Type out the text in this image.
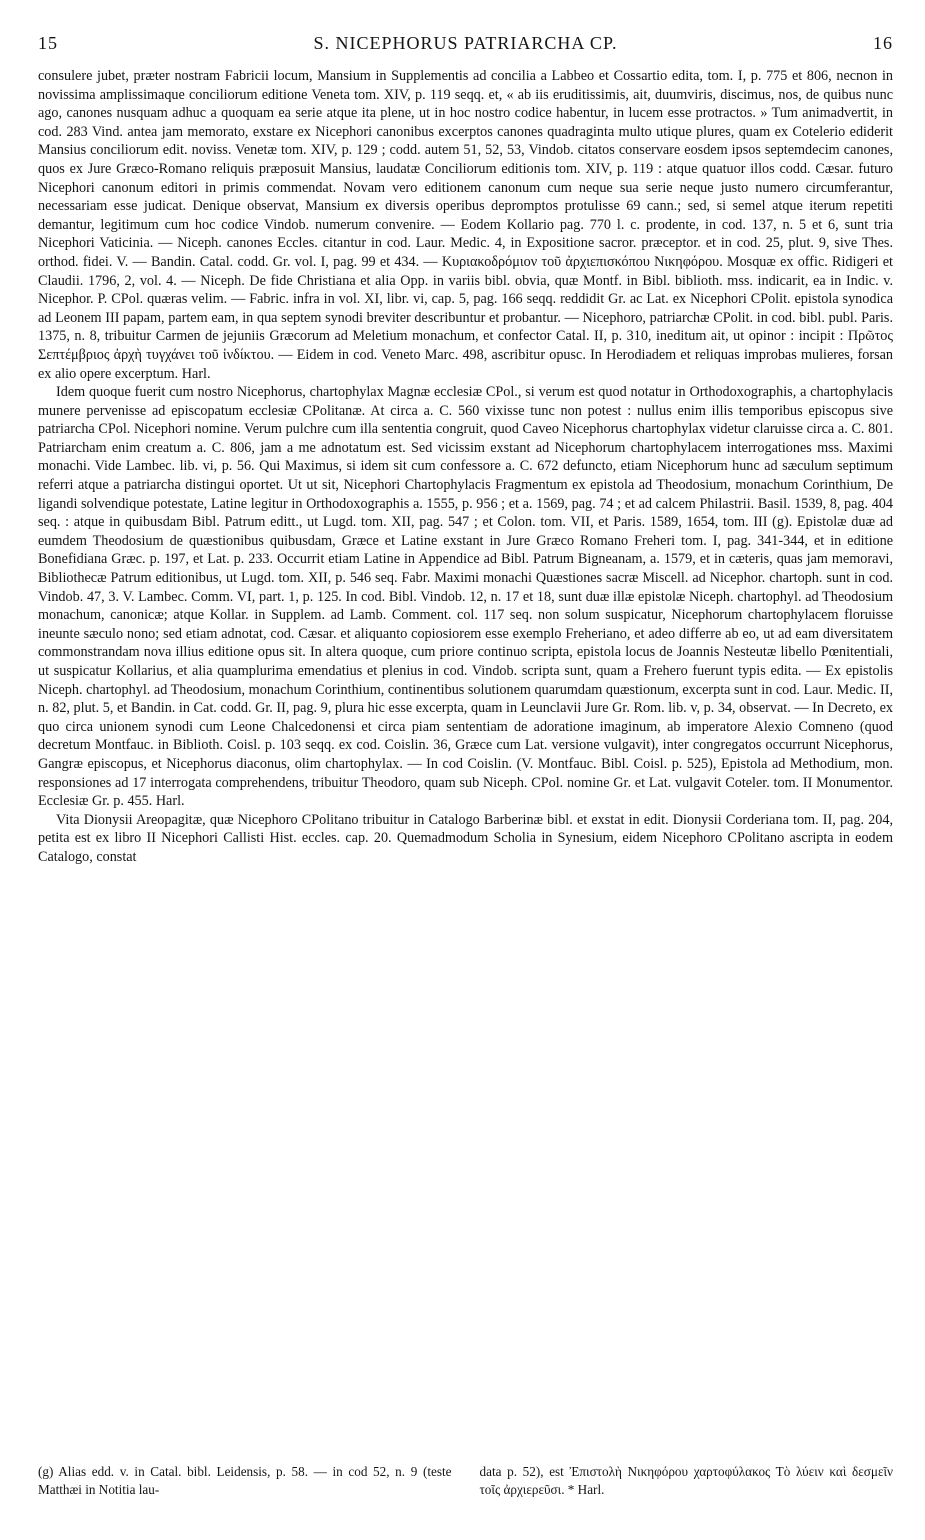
15	S. NICEPHORUS PATRIARCHA CP.	16

consulere jubet, præter nostram Fabricii locum, Mansium in Supplementis ad concilia a Labbeo et Cossartio edita, tom. I, p. 775 et 806, necnon in novissima amplissimaque conciliorum editione Veneta tom. XIV, p. 119 seqq. et, « ab iis eruditissimis, ait, duumviris, discimus, nos, de quibus nunc ago, canones nusquam adhuc a quoquam ea serie atque ita plene, ut in hoc nostro codice habentur, in lucem esse protractos. » Tum animadvertit, in cod. 283 Vind. antea jam memorato, exstare ex Nicephori canonibus excerptos canones quadraginta multo utique plures, quam ex Cotelerio ediderit Mansius conciliorum edit. noviss. Venetæ tom. XIV, p. 129 ; codd. autem 51, 52, 53, Vindob. citatos conservare eosdem ipsos septemdecim canones, quos ex Jure Græco-Romano reliquis præposuit Mansius, laudatæ Conciliorum editionis tom. XIV, p. 119 : atque quatuor illos codd. Cæsar. futuro Nicephori canonum editori in primis commendat. Novam vero editionem canonum cum neque sua serie neque justo numero circumferantur, necessariam esse judicat. Denique observat, Mansium ex diversis operibus depromptos protulisse 69 cann.; sed, si semel atque iterum repetiti demantur, legitimum cum hoc codice Vindob. numerum convenire. — Eodem Kollario pag. 770 l. c. prodente, in cod. 137, n. 5 et 6, sunt tria Nicephori Vaticinia. — Niceph. canones Eccles. citantur in cod. Laur. Medic. 4, in Expositione sacror. præceptor. et in cod. 25, plut. 9, sive Thes. orthod. fidei. V. — Bandin. Catal. codd. Gr. vol. I, pag. 99 et 434. — Κυριακοδρόμιον τοῦ ἀρχιεπισκόπου Νικηφόρου. Mosquæ ex offic. Ridigeri et Claudii. 1796, 2, vol. 4. — Niceph. De fide Christiana et alia Opp. in variis bibl. obvia, quæ Montf. in Bibl. biblioth. mss. indicarit, ea in Indic. v. Nicephor. P. CPol. quæras velim. — Fabric. infra in vol. XI, libr. vi, cap. 5, pag. 166 seqq. reddidit Gr. ac Lat. ex Nicephori CPolit. epistola synodica ad Leonem III papam, partem eam, in qua septem synodi breviter describuntur et probantur. — Nicephoro, patriarchæ CPolit. in cod. bibl. publ. Paris. 1375, n. 8, tribuitur Carmen de jejuniis Græcorum ad Meletium monachum, et confector Catal. II, p. 310, ineditum ait, ut opinor : incipit : Πρῶτος Σεπτέμβριος ἀρχὴ τυγχάνει τοῦ ἰνδίκτου. — Eidem in cod. Veneto Marc. 498, ascribitur opusc. In Herodiadem et reliquas improbas mulieres, forsan ex alio opere excerptum. Harl.

Idem quoque fuerit cum nostro Nicephorus, chartophylax Magnæ ecclesiæ CPol., si verum est quod notatur in Orthodoxographis, a chartophylacis munere pervenisse ad episcopatum ecclesiæ CPolitanæ. At circa a. C. 560 vixisse tunc non potest : nullus enim illis temporibus episcopus sive patriarcha CPol. Nicephori nomine. Verum pulchre cum illa sententia congruit, quod Caveo Nicephorus chartophylax videtur claruisse circa a. C. 801. Patriarcham enim creatum a. C. 806, jam a me adnotatum est. Sed vicissim exstant ad Nicephorum chartophylacem interrogationes mss. Maximi monachi. Vide Lambec. lib. vi, p. 56. Qui Maximus, si idem sit cum confessore a. C. 672 defuncto, etiam Nicephorum hunc ad sæculum septimum referri atque a patriarcha distingui oportet. Ut ut sit, Nicephori Chartophylacis Fragmentum ex epistola ad Theodosium, monachum Corinthium, De ligandi solvendique potestate, Latine legitur in Orthodoxographis a. 1555, p. 956 ; et a. 1569, pag. 74 ; et ad calcem Philastrii. Basil. 1539, 8, pag. 404 seq. : atque in quibusdam Bibl. Patrum editt., ut Lugd. tom. XII, pag. 547 ; et Colon. tom. VII, et Paris. 1589, 1654, tom. III (g). Epistolæ duæ ad eumdem Theodosium de quæstionibus quibusdam, Græce et Latine exstant in Jure Græco Romano Freheri tom. I, pag. 341-344, et in editione Bonefidiana Græc. p. 197, et Lat. p. 233. Occurrit etiam Latine in Appendice ad Bibl. Patrum Bigneanam, a. 1579, et in cæteris, quas jam memoravi, Bibliothecæ Patrum editionibus, ut Lugd. tom. XII, p. 546 seq. Fabr. Maximi monachi Quæstiones sacræ Miscell. ad Nicephor. chartoph. sunt in cod. Vindob. 47, 3. V. Lambec. Comm. VI, part. 1, p. 125. In cod. Bibl. Vindob. 12, n. 17 et 18, sunt duæ illæ epistolæ Niceph. chartophyl. ad Theodosium monachum, canonicæ; atque Kollar. in Supplem. ad Lamb. Comment. col. 117 seq. non solum suspicatur, Nicephorum chartophylacem floruisse ineunte sæculo nono; sed etiam adnotat, cod. Cæsar. et aliquanto copiosiorem esse exemplo Freheriano, et adeo differre ab eo, ut ad eam diversitatem commonstrandam nova illius editione opus sit. In altera quoque, cum priore continuo scripta, epistola locus de Joannis Nesteutæ libello Pœnitentiali, ut suspicatur Kollarius, et alia quamplurima emendatius et plenius in cod. Vindob. scripta sunt, quam a Frehero fuerunt typis edita. — Ex epistolis Niceph. chartophyl. ad Theodosium, monachum Corinthium, continentibus solutionem quarumdam quæstionum, excerpta sunt in cod. Laur. Medic. II, n. 82, plut. 5, et Bandin. in Cat. codd. Gr. II, pag. 9, plura hic esse excerpta, quam in Leunclavii Jure Gr. Rom. lib. v, p. 34, observat. — In Decreto, ex quo circa unionem synodi cum Leone Chalcedonensi et circa piam sententiam de adoratione imaginum, ab imperatore Alexio Comneno (quod decretum Montfauc. in Biblioth. Coisl. p. 103 seqq. ex cod. Coislin. 36, Græce cum Lat. versione vulgavit), inter congregatos occurrunt Nicephorus, Gangræ episcopus, et Nicephorus diaconus, olim chartophylax. — In cod Coislin. (V. Montfauc. Bibl. Coisl. p. 525), Epistola ad Methodium, mon. responsiones ad 17 interrogata comprehendens, tribuitur Theodoro, quam sub Niceph. CPol. nomine Gr. et Lat. vulgavit Coteler. tom. II Monumentor. Ecclesiæ Gr. p. 455. Harl.

Vita Dionysii Areopagitæ, quæ Nicephoro CPolitano tribuitur in Catalogo Barberinæ bibl. et exstat in edit. Dionysii Corderiana tom. II, pag. 204, petita est ex libro II Nicephori Callisti Hist. eccles. cap. 20. Quemadmodum Scholia in Synesium, eidem Nicephoro CPolitano ascripta in eodem Catalogo, constat

(g) Alias edd. v. in Catal. bibl. Leidensis, p. 58. — in cod 52, n. 9 (teste Matthæi in Notitia lau-
data p. 52), est Ἐπιστολὴ Νικηφόρου χαρτοφύλακος Τὸ λύειν καὶ δεσμεῖν τοῖς ἀρχιερεῦσι. * Harl.
